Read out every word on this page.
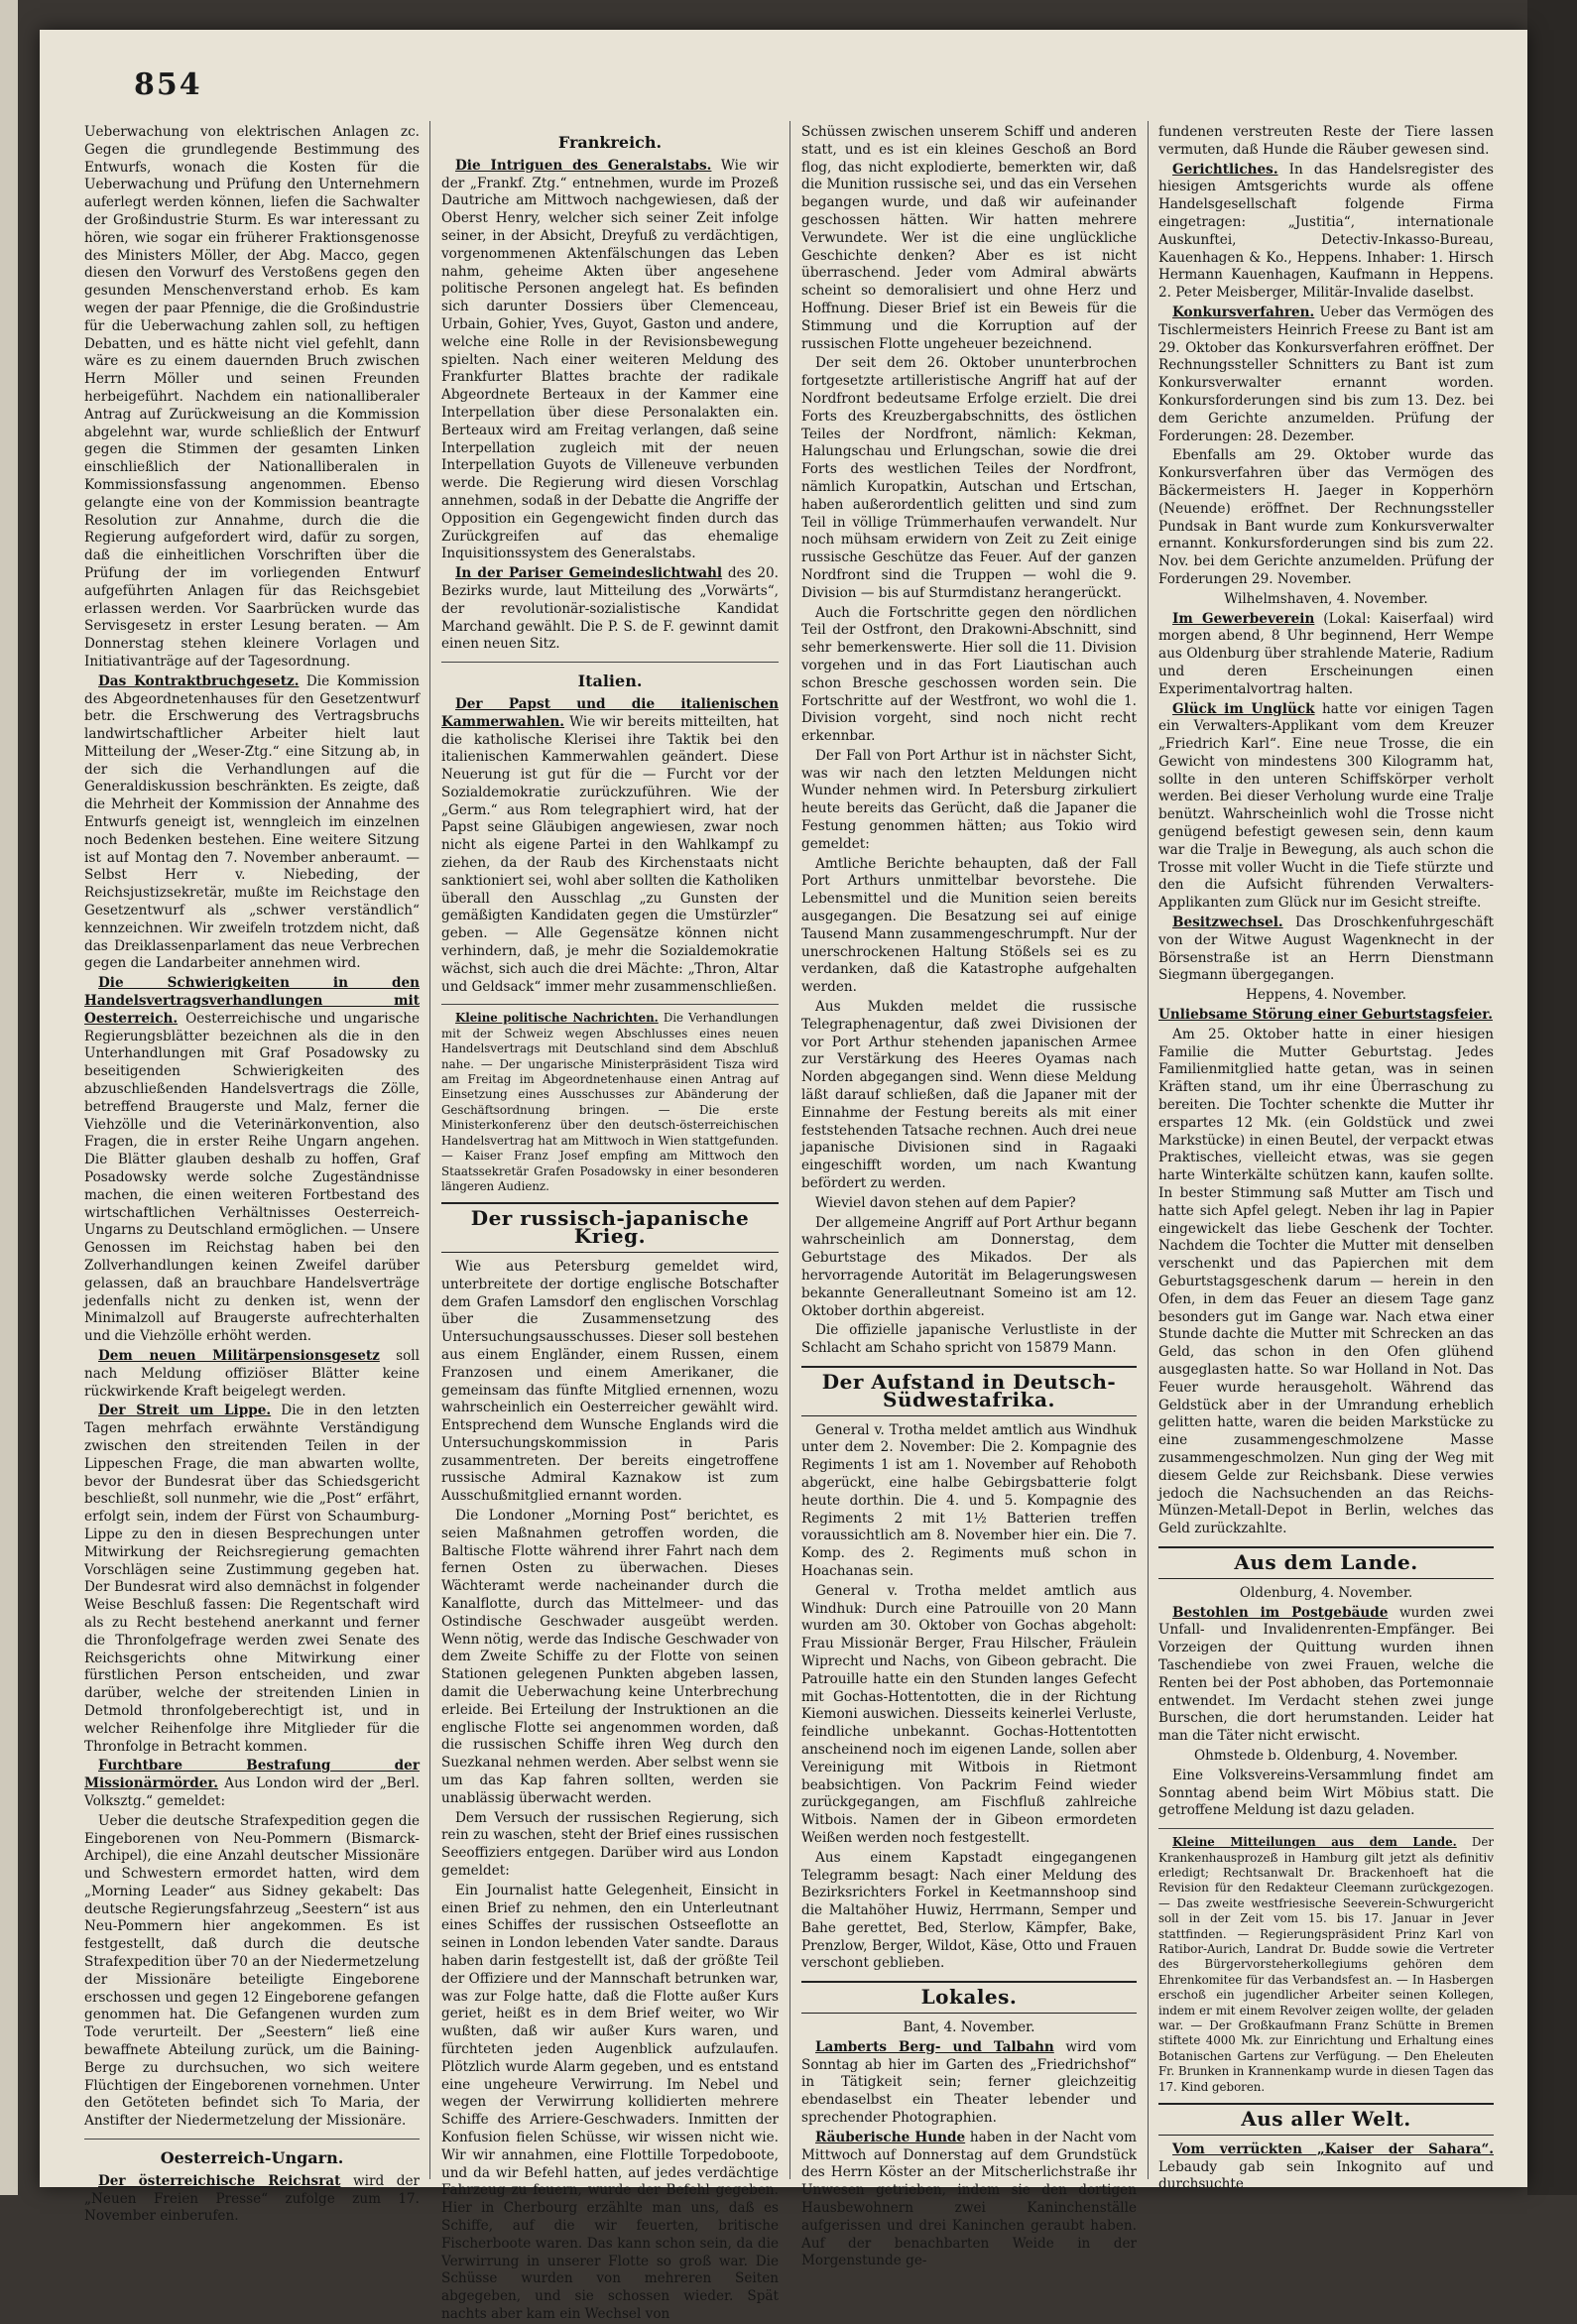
854

Ueberwachung von elektrischen Anlagen zc. Gegen die grundlegende Bestimmung des Entwurfs, wonach die Kosten für die Ueberwachung und Prüfung den Unternehmern auferlegt werden können, liefen die Sachwalter der Großindustrie Sturm. Es war interessant zu hören, wie sogar ein früherer Fraktionsgenosse des Ministers Möller, der Abg. Macco, gegen diesen den Vorwurf des Verstoßens gegen den gesunden Menschenverstand erhob. Es kam wegen der paar Pfennige, die die Großindustrie für die Ueberwachung zahlen soll, zu heftigen Debatten, und es hätte nicht viel gefehlt, dann wäre es zu einem dauernden Bruch zwischen Herrn Möller und seinen Freunden herbeigeführt. Nachdem ein nationalliberaler Antrag auf Zurückweisung an die Kommission abgelehnt war, wurde schließlich der Entwurf gegen die Stimmen der gesamten Linken einschließlich der Nationalliberalen in Kommissionsfassung angenommen. Ebenso gelangte eine von der Kommission beantragte Resolution zur Annahme, durch die die Regierung aufgefordert wird, dafür zu sorgen, daß die einheitlichen Vorschriften über die Prüfung der im vorliegenden Entwurf aufgeführten Anlagen für das Reichsgebiet erlassen werden. Vor Saarbrücken wurde das Servisgesetz in erster Lesung beraten. — Am Donnerstag stehen kleinere Vorlagen und Initiativanträge auf der Tagesordnung.

Das Kontraktbruchgesetz. Die Kommission des Abgeordnetenhauses für den Gesetzentwurf betr. die Erschwerung des Vertragsbruchs landwirtschaftlicher Arbeiter hielt laut Mitteilung der „Weser-Ztg.“ eine Sitzung ab, in der sich die Verhandlungen auf die Generaldiskussion beschränkten. Es zeigte, daß die Mehrheit der Kommission der Annahme des Entwurfs geneigt ist, wenngleich im einzelnen noch Bedenken bestehen. Eine weitere Sitzung ist auf Montag den 7. November anberaumt. — Selbst Herr v. Niebeding, der Reichsjustizsekretär, mußte im Reichstage den Gesetzentwurf als „schwer verständlich“ kennzeichnen. Wir zweifeln trotzdem nicht, daß das Dreiklassenparlament das neue Verbrechen gegen die Landarbeiter annehmen wird.

Die Schwierigkeiten in den Handelsvertragsverhandlungen mit Oesterreich. Oesterreichische und ungarische Regierungsblätter bezeichnen als die in den Unterhandlungen mit Graf Posadowsky zu beseitigenden Schwierigkeiten des abzuschließenden Handelsvertrags die Zölle, betreffend Braugerste und Malz, ferner die Viehzölle und die Veterinärkonvention, also Fragen, die in erster Reihe Ungarn angehen. Die Blätter glauben deshalb zu hoffen, Graf Posadowsky werde solche Zugeständnisse machen, die einen weiteren Fortbestand des wirtschaftlichen Verhältnisses Oesterreich-Ungarns zu Deutschland ermöglichen. — Unsere Genossen im Reichstag haben bei den Zollverhandlungen keinen Zweifel darüber gelassen, daß an brauchbare Handelsverträge jedenfalls nicht zu denken ist, wenn der Minimalzoll auf Braugerste aufrechterhalten und die Viehzölle erhöht werden.

Dem neuen Militärpensionsgesetz soll nach Meldung offiziöser Blätter keine rückwirkende Kraft beigelegt werden.

Der Streit um Lippe. Die in den letzten Tagen mehrfach erwähnte Verständigung zwischen den streitenden Teilen in der Lippeschen Frage, die man abwarten wollte, bevor der Bundesrat über das Schiedsgericht beschließt, soll nunmehr, wie die „Post“ erfährt, erfolgt sein, indem der Fürst von Schaumburg-Lippe zu den in diesen Besprechungen unter Mitwirkung der Reichsregierung gemachten Vorschlägen seine Zustimmung gegeben hat. Der Bundesrat wird also demnächst in folgender Weise Beschluß fassen: Die Regentschaft wird als zu Recht bestehend anerkannt und ferner die Thronfolgefrage werden zwei Senate des Reichsgerichts ohne Mitwirkung einer fürstlichen Person entscheiden, und zwar darüber, welche der streitenden Linien in Detmold thronfolgeberechtigt ist, und in welcher Reihenfolge ihre Mitglieder für die Thronfolge in Betracht kommen.

Furchtbare Bestrafung der Missionärmörder. Aus London wird der „Berl. Volksztg.“ gemeldet:

Ueber die deutsche Strafexpedition gegen die Eingeborenen von Neu-Pommern (Bismarck-Archipel), die eine Anzahl deutscher Missionäre und Schwestern ermordet hatten, wird dem „Morning Leader“ aus Sidney gekabelt: Das deutsche Regierungsfahrzeug „Seestern“ ist aus Neu-Pommern hier angekommen. Es ist festgestellt, daß durch die deutsche Strafexpedition über 70 an der Niedermetzelung der Missionäre beteiligte Eingeborene erschossen und gegen 12 Eingeborene gefangen genommen hat. Die Gefangenen wurden zum Tode verurteilt. Der „Seestern“ ließ eine bewaffnete Abteilung zurück, um die Baining-Berge zu durchsuchen, wo sich weitere Flüchtigen der Eingeborenen vornehmen. Unter den Getöteten befindet sich To Maria, der Anstifter der Niedermetzelung der Missionäre.

Oesterreich-Ungarn.

Der österreichische Reichsrat wird der „Neuen Freien Presse“ zufolge zum 17. November einberufen.

Frankreich.

Die Intriguen des Generalstabs. Wie wir der „Frankf. Ztg.“ entnehmen, wurde im Prozeß Dautriche am Mittwoch nachgewiesen, daß der Oberst Henry, welcher sich seiner Zeit infolge seiner, in der Absicht, Dreyfuß zu verdächtigen, vorgenommenen Aktenfälschungen das Leben nahm, geheime Akten über angesehene politische Personen angelegt hat. Es befinden sich darunter Dossiers über Clemenceau, Urbain, Gohier, Yves, Guyot, Gaston und andere, welche eine Rolle in der Revisionsbewegung spielten. Nach einer weiteren Meldung des Frankfurter Blattes brachte der radikale Abgeordnete Berteaux in der Kammer eine Interpellation über diese Personalakten ein. Berteaux wird am Freitag verlangen, daß seine Interpellation zugleich mit der neuen Interpellation Guyots de Villeneuve verbunden werde. Die Regierung wird diesen Vorschlag annehmen, sodaß in der Debatte die Angriffe der Opposition ein Gegengewicht finden durch das Zurückgreifen auf das ehemalige Inquisitionssystem des Generalstabs.

In der Pariser Gemeindeslichtwahl des 20. Bezirks wurde, laut Mitteilung des „Vorwärts“, der revolutionär-sozialistische Kandidat Marchand gewählt. Die P. S. de F. gewinnt damit einen neuen Sitz.

Italien.

Der Papst und die italienischen Kammerwahlen. Wie wir bereits mitteilten, hat die katholische Klerisei ihre Taktik bei den italienischen Kammerwahlen geändert. Diese Neuerung ist gut für die — Furcht vor der Sozialdemokratie zurückzuführen. Wie der „Germ.“ aus Rom telegraphiert wird, hat der Papst seine Gläubigen angewiesen, zwar noch nicht als eigene Partei in den Wahlkampf zu ziehen, da der Raub des Kirchenstaats nicht sanktioniert sei, wohl aber sollten die Katholiken überall den Ausschlag „zu Gunsten der gemäßigten Kandidaten gegen die Umstürzler“ geben. — Alle Gegensätze können nicht verhindern, daß, je mehr die Sozialdemokratie wächst, sich auch die drei Mächte: „Thron, Altar und Geldsack“ immer mehr zusammenschließen.

Kleine politische Nachrichten. Die Verhandlungen mit der Schweiz wegen Abschlusses eines neuen Handelsvertrags mit Deutschland sind dem Abschluß nahe. — Der ungarische Ministerpräsident Tisza wird am Freitag im Abgeordnetenhause einen Antrag auf Einsetzung eines Ausschusses zur Abänderung der Geschäftsordnung bringen. — Die erste Ministerkonferenz über den deutsch-österreichischen Handelsvertrag hat am Mittwoch in Wien stattgefunden. — Kaiser Franz Josef empfing am Mittwoch den Staatssekretär Grafen Posadowsky in einer besonderen längeren Audienz.

Der russisch-japanische Krieg.

Wie aus Petersburg gemeldet wird, unterbreitete der dortige englische Botschafter dem Grafen Lamsdorf den englischen Vorschlag über die Zusammensetzung des Untersuchungsausschusses. Dieser soll bestehen aus einem Engländer, einem Russen, einem Franzosen und einem Amerikaner, die gemeinsam das fünfte Mitglied ernennen, wozu wahrscheinlich ein Oesterreicher gewählt wird. Entsprechend dem Wunsche Englands wird die Untersuchungskommission in Paris zusammentreten. Der bereits eingetroffene russische Admiral Kaznakow ist zum Ausschußmitglied ernannt worden.

Die Londoner „Morning Post“ berichtet, es seien Maßnahmen getroffen worden, die Baltische Flotte während ihrer Fahrt nach dem fernen Osten zu überwachen. Dieses Wächteramt werde nacheinander durch die Kanalflotte, durch das Mittelmeer- und das Ostindische Geschwader ausgeübt werden. Wenn nötig, werde das Indische Geschwader von dem Zweite Schiffe zu der Flotte von seinen Stationen gelegenen Punkten abgeben lassen, damit die Ueberwachung keine Unterbrechung erleide. Bei Erteilung der Instruktionen an die englische Flotte sei angenommen worden, daß die russischen Schiffe ihren Weg durch den Suezkanal nehmen werden. Aber selbst wenn sie um das Kap fahren sollten, werden sie unablässig überwacht werden.

Dem Versuch der russischen Regierung, sich rein zu waschen, steht der Brief eines russischen Seeoffiziers entgegen. Darüber wird aus London gemeldet:

Ein Journalist hatte Gelegenheit, Einsicht in einen Brief zu nehmen, den ein Unterleutnant eines Schiffes der russischen Ostseeflotte an seinen in London lebenden Vater sandte. Daraus haben darin festgestellt ist, daß der größte Teil der Offiziere und der Mannschaft betrunken war, was zur Folge hatte, daß die Flotte außer Kurs geriet, heißt es in dem Brief weiter, wo Wir wußten, daß wir außer Kurs waren, und fürchteten jeden Augenblick aufzulaufen. Plötzlich wurde Alarm gegeben, und es entstand eine ungeheure Verwirrung. Im Nebel und wegen der Verwirrung kollidierten mehrere Schiffe des Arriere-Geschwaders. Inmitten der Konfusion fielen Schüsse, wir wissen nicht wie. Wir wir annahmen, eine Flottille Torpedoboote, und da wir Befehl hatten, auf jedes verdächtige Fahrzeug zu feuern, wurde der Befehl gegeben. Hier in Cherbourg erzählte man uns, daß es Schiffe, auf die wir feuerten, britische Fischerboote waren. Das kann schon sein, da die Verwirrung in unserer Flotte so groß war. Die Schüsse wurden von mehreren Seiten abgegeben, und sie schossen wieder. Spät nachts aber kam ein Wechsel von

Schüssen zwischen unserem Schiff und anderen statt, und es ist ein kleines Geschoß an Bord flog, das nicht explodierte, bemerkten wir, daß die Munition russische sei, und das ein Versehen begangen wurde, und daß wir aufeinander geschossen hätten. Wir hatten mehrere Verwundete. Wer ist die eine unglückliche Geschichte denken? Aber es ist nicht überraschend. Jeder vom Admiral abwärts scheint so demoralisiert und ohne Herz und Hoffnung. Dieser Brief ist ein Beweis für die Stimmung und die Korruption auf der russischen Flotte ungeheuer bezeichnend.

Der seit dem 26. Oktober ununterbrochen fortgesetzte artilleristische Angriff hat auf der Nordfront bedeutsame Erfolge erzielt. Die drei Forts des Kreuzbergabschnitts, des östlichen Teiles der Nordfront, nämlich: Kekman, Halungschau und Erlungschan, sowie die drei Forts des westlichen Teiles der Nordfront, nämlich Kuropatkin, Autschan und Ertschan, haben außerordentlich gelitten und sind zum Teil in völlige Trümmerhaufen verwandelt. Nur noch mühsam erwidern von Zeit zu Zeit einige russische Geschütze das Feuer. Auf der ganzen Nordfront sind die Truppen — wohl die 9. Division — bis auf Sturmdistanz herangerückt.

Auch die Fortschritte gegen den nördlichen Teil der Ostfront, den Drakowni-Abschnitt, sind sehr bemerkenswerte. Hier soll die 11. Division vorgehen und in das Fort Liautischan auch schon Bresche geschossen worden sein. Die Fortschritte auf der Westfront, wo wohl die 1. Division vorgeht, sind noch nicht recht erkennbar.

Der Fall von Port Arthur ist in nächster Sicht, was wir nach den letzten Meldungen nicht Wunder nehmen wird. In Petersburg zirkuliert heute bereits das Gerücht, daß die Japaner die Festung genommen hätten; aus Tokio wird gemeldet:

Amtliche Berichte behaupten, daß der Fall Port Arthurs unmittelbar bevorstehe. Die Lebensmittel und die Munition seien bereits ausgegangen. Die Besatzung sei auf einige Tausend Mann zusammengeschrumpft. Nur der unerschrockenen Haltung Stößels sei es zu verdanken, daß die Katastrophe aufgehalten werden.

Aus Mukden meldet die russische Telegraphenagentur, daß zwei Divisionen der vor Port Arthur stehenden japanischen Armee zur Verstärkung des Heeres Oyamas nach Norden abgegangen sind. Wenn diese Meldung läßt darauf schließen, daß die Japaner mit der Einnahme der Festung bereits als mit einer feststehenden Tatsache rechnen. Auch drei neue japanische Divisionen sind in Ragaaki eingeschifft worden, um nach Kwantung befördert zu werden.

Wieviel davon stehen auf dem Papier?

Der allgemeine Angriff auf Port Arthur begann wahrscheinlich am Donnerstag, dem Geburtstage des Mikados. Der als hervorragende Autorität im Belagerungswesen bekannte Generalleutnant Someino ist am 12. Oktober dorthin abgereist.

Die offizielle japanische Verlustliste in der Schlacht am Schaho spricht von 15879 Mann.

Der Aufstand in Deutsch-Südwestafrika.

General v. Trotha meldet amtlich aus Windhuk unter dem 2. November: Die 2. Kompagnie des Regiments 1 ist am 1. November auf Rehoboth abgerückt, eine halbe Gebirgsbatterie folgt heute dorthin. Die 4. und 5. Kompagnie des Regiments 2 mit 1½ Batterien treffen voraussichtlich am 8. November hier ein. Die 7. Komp. des 2. Regiments muß schon in Hoachanas sein.

General v. Trotha meldet amtlich aus Windhuk: Durch eine Patrouille von 20 Mann wurden am 30. Oktober von Gochas abgeholt: Frau Missionär Berger, Frau Hilscher, Fräulein Wiprecht und Nachs, von Gibeon gebracht. Die Patrouille hatte ein den Stunden langes Gefecht mit Gochas-Hottentotten, die in der Richtung Kiemoni auswichen. Diesseits keinerlei Verluste, feindliche unbekannt. Gochas-Hottentotten anscheinend noch im eigenen Lande, sollen aber Vereinigung mit Witbois in Rietmont beabsichtigen. Von Packrim Feind wieder zurückgegangen, am Fischfluß zahlreiche Witbois. Namen der in Gibeon ermordeten Weißen werden noch festgestellt.

Aus einem Kapstadt eingegangenen Telegramm besagt: Nach einer Meldung des Bezirksrichters Forkel in Keetmannshoop sind die Maltahöher Huwiz, Herrmann, Semper und Bahe gerettet, Bed, Sterlow, Kämpfer, Bake, Prenzlow, Berger, Wildot, Käse, Otto und Frauen verschont geblieben.

Lokales.

Bant, 4. November.

Lamberts Berg- und Talbahn wird vom Sonntag ab hier im Garten des „Friedrichshof“ in Tätigkeit sein; ferner gleichzeitig ebendaselbst ein Theater lebender und sprechender Photographien.

Räuberische Hunde haben in der Nacht vom Mittwoch auf Donnerstag auf dem Grundstück des Herrn Köster an der Mitscherlichstraße ihr Unwesen getrieben, indem sie den dortigen Hausbewohnern zwei Kaninchenställe aufgerissen und drei Kaninchen geraubt haben. Auf der benachbarten Weide in der Morgenstunde ge-

fundenen verstreuten Reste der Tiere lassen vermuten, daß Hunde die Räuber gewesen sind.

Gerichtliches. In das Handelsregister des hiesigen Amtsgerichts wurde als offene Handelsgesellschaft folgende Firma eingetragen: „Justitia“, internationale Auskunftei, Detectiv-Inkasso-Bureau, Kauenhagen & Ko., Heppens. Inhaber: 1. Hirsch Hermann Kauenhagen, Kaufmann in Heppens. 2. Peter Meisberger, Militär-Invalide daselbst.

Konkursverfahren. Ueber das Vermögen des Tischlermeisters Heinrich Freese zu Bant ist am 29. Oktober das Konkursverfahren eröffnet. Der Rechnungssteller Schnitters zu Bant ist zum Konkursverwalter ernannt worden. Konkursforderungen sind bis zum 13. Dez. bei dem Gerichte anzumelden. Prüfung der Forderungen: 28. Dezember.

Ebenfalls am 29. Oktober wurde das Konkursverfahren über das Vermögen des Bäckermeisters H. Jaeger in Kopperhörn (Neuende) eröffnet. Der Rechnungssteller Pundsak in Bant wurde zum Konkursverwalter ernannt. Konkursforderungen sind bis zum 22. Nov. bei dem Gerichte anzumelden. Prüfung der Forderungen 29. November.

Wilhelmshaven, 4. November.

Im Gewerbeverein (Lokal: Kaiserfaal) wird morgen abend, 8 Uhr beginnend, Herr Wempe aus Oldenburg über strahlende Materie, Radium und deren Erscheinungen einen Experimentalvortrag halten.

Glück im Unglück hatte vor einigen Tagen ein Verwalters-Applikant vom dem Kreuzer „Friedrich Karl“. Eine neue Trosse, die ein Gewicht von mindestens 300 Kilogramm hat, sollte in den unteren Schiffskörper verholt werden. Bei dieser Verholung wurde eine Tralje benützt. Wahrscheinlich wohl die Trosse nicht genügend befestigt gewesen sein, denn kaum war die Tralje in Bewegung, als auch schon die Trosse mit voller Wucht in die Tiefe stürzte und den die Aufsicht führenden Verwalters-Applikanten zum Glück nur im Gesicht streifte.

Besitzwechsel. Das Droschkenfuhrgeschäft von der Witwe August Wagenknecht in der Börsenstraße ist an Herrn Dienstmann Siegmann übergegangen.

Heppens, 4. November.

Unliebsame Störung einer Geburtstagsfeier.

Am 25. Oktober hatte in einer hiesigen Familie die Mutter Geburtstag. Jedes Familienmitglied hatte getan, was in seinen Kräften stand, um ihr eine Überraschung zu bereiten. Die Tochter schenkte die Mutter ihr erspartes 12 Mk. (ein Goldstück und zwei Markstücke) in einen Beutel, der verpackt etwas Praktisches, vielleicht etwas, was sie gegen harte Winterkälte schützen kann, kaufen sollte. In bester Stimmung saß Mutter am Tisch und hatte sich Apfel gelegt. Neben ihr lag in Papier eingewickelt das liebe Geschenk der Tochter. Nachdem die Tochter die Mutter mit denselben verschenkt und das Papierchen mit dem Geburtstagsgeschenk darum — herein in den Ofen, in dem das Feuer an diesem Tage ganz besonders gut im Gange war. Nach etwa einer Stunde dachte die Mutter mit Schrecken an das Geld, das schon in den Ofen glühend ausgeglasten hatte. So war Holland in Not. Das Feuer wurde herausgeholt. Während das Geldstück aber in der Umrandung erheblich gelitten hatte, waren die beiden Markstücke zu eine zusammengeschmolzene Masse zusammengeschmolzen. Nun ging der Weg mit diesem Gelde zur Reichsbank. Diese verwies jedoch die Nachsuchenden an das Reichs-Münzen-Metall-Depot in Berlin, welches das Geld zurückzahlte.

Aus dem Lande.

Oldenburg, 4. November.

Bestohlen im Postgebäude wurden zwei Unfall- und Invalidenrenten-Empfänger. Bei Vorzeigen der Quittung wurden ihnen Taschendiebe von zwei Frauen, welche die Renten bei der Post abhoben, das Portemonnaie entwendet. Im Verdacht stehen zwei junge Burschen, die dort herumstanden. Leider hat man die Täter nicht erwischt.

Ohmstede b. Oldenburg, 4. November.

Eine Volksvereins-Versammlung findet am Sonntag abend beim Wirt Möbius statt. Die getroffene Meldung ist dazu geladen.

Kleine Mitteilungen aus dem Lande. Der Krankenhausprozeß in Hamburg gilt jetzt als definitiv erledigt; Rechtsanwalt Dr. Brackenhoeft hat die Revision für den Redakteur Cleemann zurückgezogen. — Das zweite westfriesische Seeverein-Schwurgericht soll in der Zeit vom 15. bis 17. Januar in Jever stattfinden. — Regierungspräsident Prinz Karl von Ratibor-Aurich, Landrat Dr. Budde sowie die Vertreter des Bürgervorsteherkollegiums gehören dem Ehrenkomitee für das Verbandsfest an. — In Hasbergen erschoß ein jugendlicher Arbeiter seinen Kollegen, indem er mit einem Revolver zeigen wollte, der geladen war. — Der Großkaufmann Franz Schütte in Bremen stiftete 4000 Mk. zur Einrichtung und Erhaltung eines Botanischen Gartens zur Verfügung. — Den Eheleuten Fr. Brunken in Krannenkamp wurde in diesen Tagen das 17. Kind geboren.

Aus aller Welt.

Vom verrückten „Kaiser der Sahara“. Lebaudy gab sein Inkognito auf und durchsuchte
